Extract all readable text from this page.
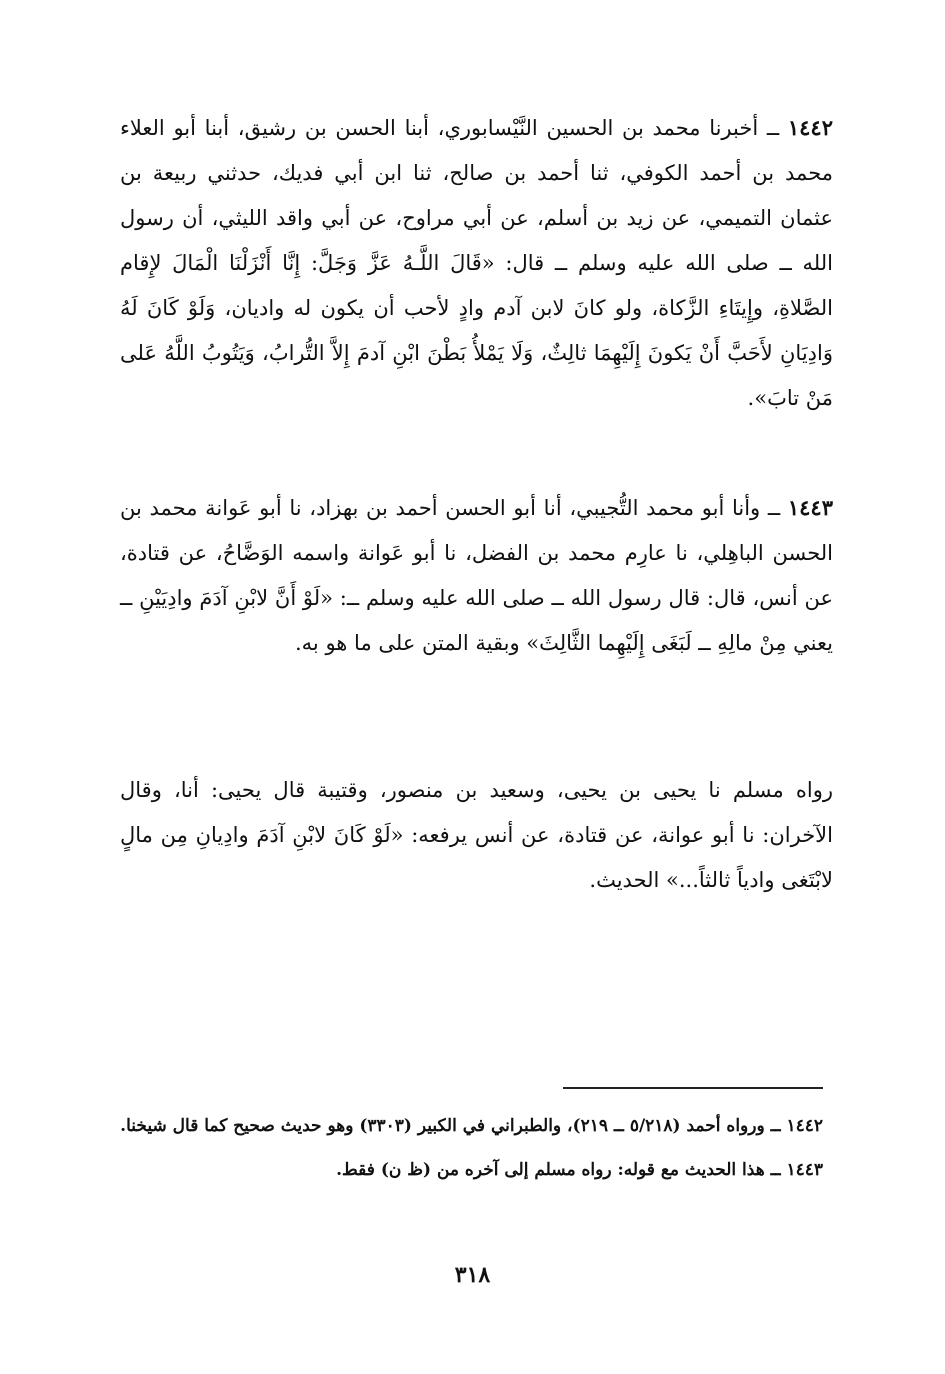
١٤٤٢ ــ أخبرنا محمد بن الحسين النَّيْسابوري، أبنا الحسن بن رشيق، أبنا أبو العلاء محمد بن أحمد الكوفي، ثنا أحمد بن صالح، ثنا ابن أبي فديك، حدثني ربيعة بن عثمان التميمي، عن زيد بن أسلم، عن أبي مراوح، عن أبي واقد الليثي، أن رسول الله ــ صلى الله عليه وسلم ــ قال: «قَالَ اللَّـهُ عَزَّ وَجَلَّ: إِنَّا أَنْزَلْنَا الْمَالَ لإِقام الصَّلاةِ، وإِيتَاءِ الزَّكاة، ولو كانَ لابن آدم وادٍ لأحب أن يكون له واديان، وَلَوْ كَانَ لَهُ وَادِيَانِ لأَحَبَّ أَنْ يَكونَ إِلَيْهِمَا ثالِثٌ، وَلَا يَمْلأُ بَطْنَ ابْنِ آدمَ إِلاَّ التُّرابُ، وَيَتُوبُ اللَّهُ عَلى مَنْ تابَ».

١٤٤٣ ــ وأنا أبو محمد التُّجيبي، أنا أبو الحسن أحمد بن بهزاد، نا أبو عَوانة محمد بن الحسن الباهِلي، نا عارِم محمد بن الفضل، نا أبو عَوانة واسمه الوَضَّاحُ، عن قتادة، عن أنس، قال: قال رسول الله ــ صلى الله عليه وسلم ــ: «لَوْ أَنَّ لابْنِ آدَمَ وادِيَيْنِ ــ يعني مِنْ مالِهِ ــ لَبَغَى إِلَيْهِما الثَّالِثَ» وبقية المتن على ما هو به.

رواه مسلم نا يحيى بن يحيى، وسعيد بن منصور، وقتيبة قال يحيى: أنا، وقال الآخران: نا أبو عوانة، عن قتادة، عن أنس يرفعه: «لَوْ كَانَ لابْنِ آدَمَ وادِيانِ مِن مالٍ لابْتَغى وادياً ثالثاً...» الحديث.

١٤٤٢ ــ ورواه أحمد (٥/٢١٨ ــ ٢١٩)، والطبراني في الكبير (٣٣٠٣) وهو حديث صحيح كما قال شيخنا.

١٤٤٣ ــ هذا الحديث مع قوله: رواه مسلم إلى آخره من (ظ ن) فقط.

٣١٨
